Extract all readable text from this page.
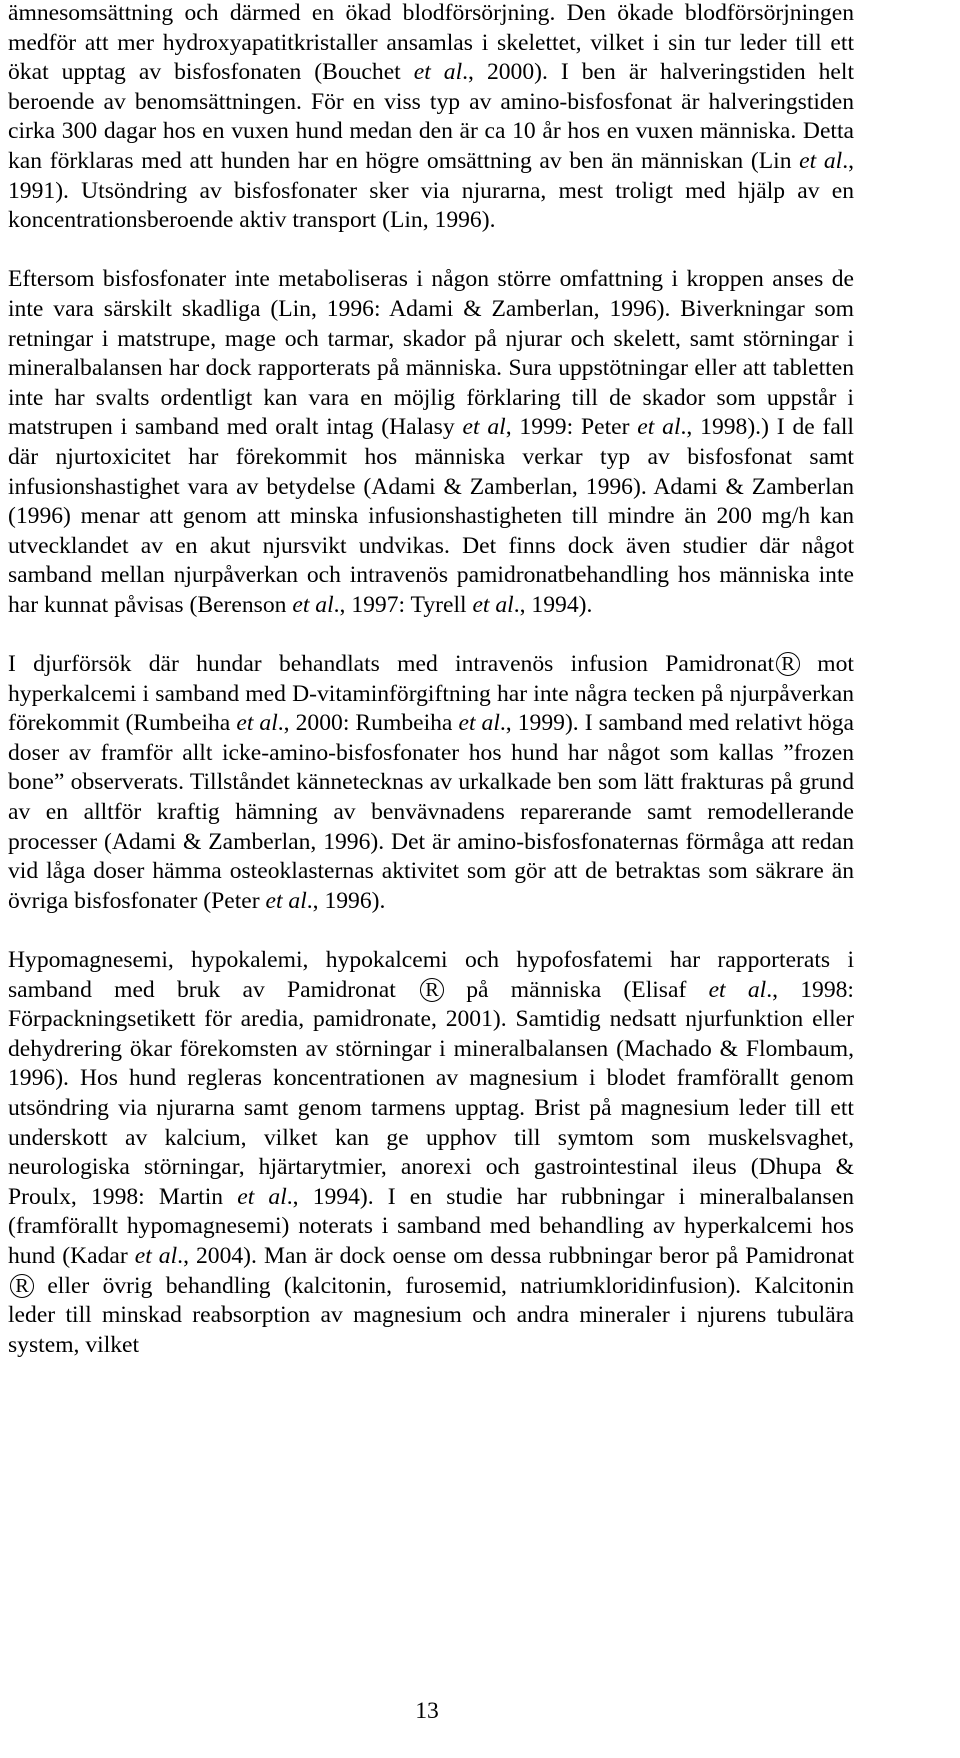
ämnesomsättning och därmed en ökad blodförsörjning. Den ökade blodförsörjningen medför att mer hydroxyapatitkristaller ansamlas i skelettet, vilket i sin tur leder till ett ökat upptag av bisfosfonaten (Bouchet et al., 2000). I ben är halveringstiden helt beroende av benomsättningen. För en viss typ av amino-bisfosfonat är halveringstiden cirka 300 dagar hos en vuxen hund medan den är ca 10 år hos en vuxen människa. Detta kan förklaras med att hunden har en högre omsättning av ben än människan (Lin et al., 1991). Utsöndring av bisfosfonater sker via njurarna, mest troligt med hjälp av en koncentrationsberoende aktiv transport (Lin, 1996).

Eftersom bisfosfonater inte metaboliseras i någon större omfattning i kroppen anses de inte vara särskilt skadliga (Lin, 1996: Adami & Zamberlan, 1996). Biverkningar som retningar i matstrupe, mage och tarmar, skador på njurar och skelett, samt störningar i mineralbalansen har dock rapporterats på människa. Sura uppstötningar eller att tabletten inte har svalts ordentligt kan vara en möjlig förklaring till de skador som uppstår i matstrupen i samband med oralt intag (Halasy et al, 1999: Peter et al., 1998).) I de fall där njurtoxicitet har förekommit hos människa verkar typ av bisfosfonat samt infusionshastighet vara av betydelse (Adami & Zamberlan, 1996). Adami & Zamberlan (1996) menar att genom att minska infusionshastigheten till mindre än 200 mg/h kan utvecklandet av en akut njursvikt undvikas. Det finns dock även studier där något samband mellan njurpåverkan och intravenös pamidronatbehandling hos människa inte har kunnat påvisas (Berenson et al., 1997: Tyrell et al., 1994).

I djurförsök där hundar behandlats med intravenös infusion Pamidronat R mot hyperkalcemi i samband med D-vitaminförgiftning har inte några tecken på njurpåverkan förekommit (Rumbeiha et al., 2000: Rumbeiha et al., 1999). I samband med relativt höga doser av framför allt icke-amino-bisfosfonater hos hund har något som kallas ”frozen bone” observerats. Tillståndet kännetecknas av urkalkade ben som lätt frakturas på grund av en alltför kraftig hämning av benvävnadens reparerande samt remodellerande processer (Adami & Zamberlan, 1996). Det är amino-bisfosfonaternas förmåga att redan vid låga doser hämma osteoklasternas aktivitet som gör att de betraktas som säkrare än övriga bisfosfonater (Peter et al., 1996).

Hypomagnesemi, hypokalemi, hypokalcemi och hypofosfatemi har rapporterats i samband med bruk av Pamidronat R på människa (Elisaf et al., 1998: Förpackningsetikett för aredia, pamidronate, 2001). Samtidig nedsatt njurfunktion eller dehydrering ökar förekomsten av störningar i mineralbalansen (Machado & Flombaum, 1996). Hos hund regleras koncentrationen av magnesium i blodet framförallt genom utsöndring via njurarna samt genom tarmens upptag. Brist på magnesium leder till ett underskott av kalcium, vilket kan ge upphov till symtom som muskelsvaghet, neurologiska störningar, hjärtarytmier, anorexi och gastrointestinal ileus (Dhupa & Proulx, 1998: Martin et al., 1994). I en studie har rubbningar i mineralbalansen (framförallt hypomagnesemi) noterats i samband med behandling av hyperkalcemi hos hund (Kadar et al., 2004). Man är dock oense om dessa rubbningar beror på PamidronatR eller övrig behandling (kalcitonin, furosemid, natriumkloridinfusion). Kalcitonin leder till minskad reabsorption av magnesium och andra mineraler i njurens tubulära system, vilket

13
